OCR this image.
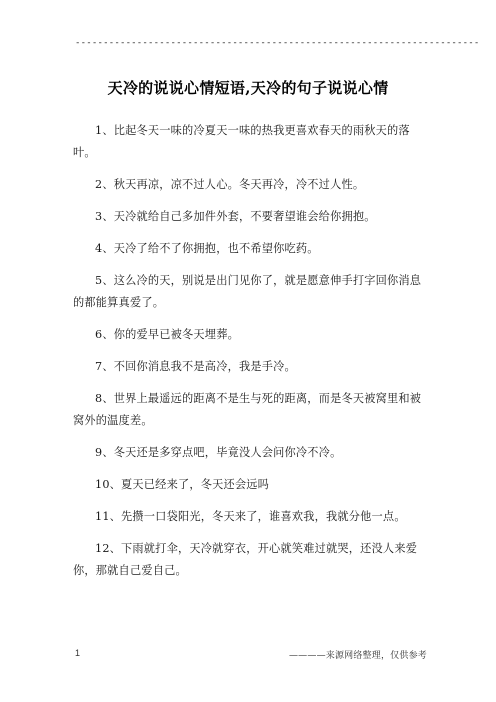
------------------------------------------------------------------------
天冷的说说心情短语,天冷的句子说说心情

1、比起冬天一味的冷夏天一味的热我更喜欢春天的雨秋天的落叶。

2、秋天再凉，凉不过人心。冬天再冷，冷不过人性。

3、天冷就给自己多加件外套，不要奢望谁会给你拥抱。

4、天冷了给不了你拥抱，也不希望你吃药。

5、这么冷的天，别说是出门见你了，就是愿意伸手打字回你消息的都能算真爱了。

6、你的爱早已被冬天埋葬。

7、不回你消息我不是高冷，我是手冷。

8、世界上最遥远的距离不是生与死的距离，而是冬天被窝里和被窝外的温度差。

9、冬天还是多穿点吧，毕竟没人会问你冷不冷。

10、夏天已经来了，冬天还会远吗

11、先攒一口袋阳光，冬天来了，谁喜欢我，我就分他一点。

12、下雨就打伞，天冷就穿衣，开心就笑难过就哭，还没人来爱你，那就自己爱自己。

1	————来源网络整理，仅供参考
